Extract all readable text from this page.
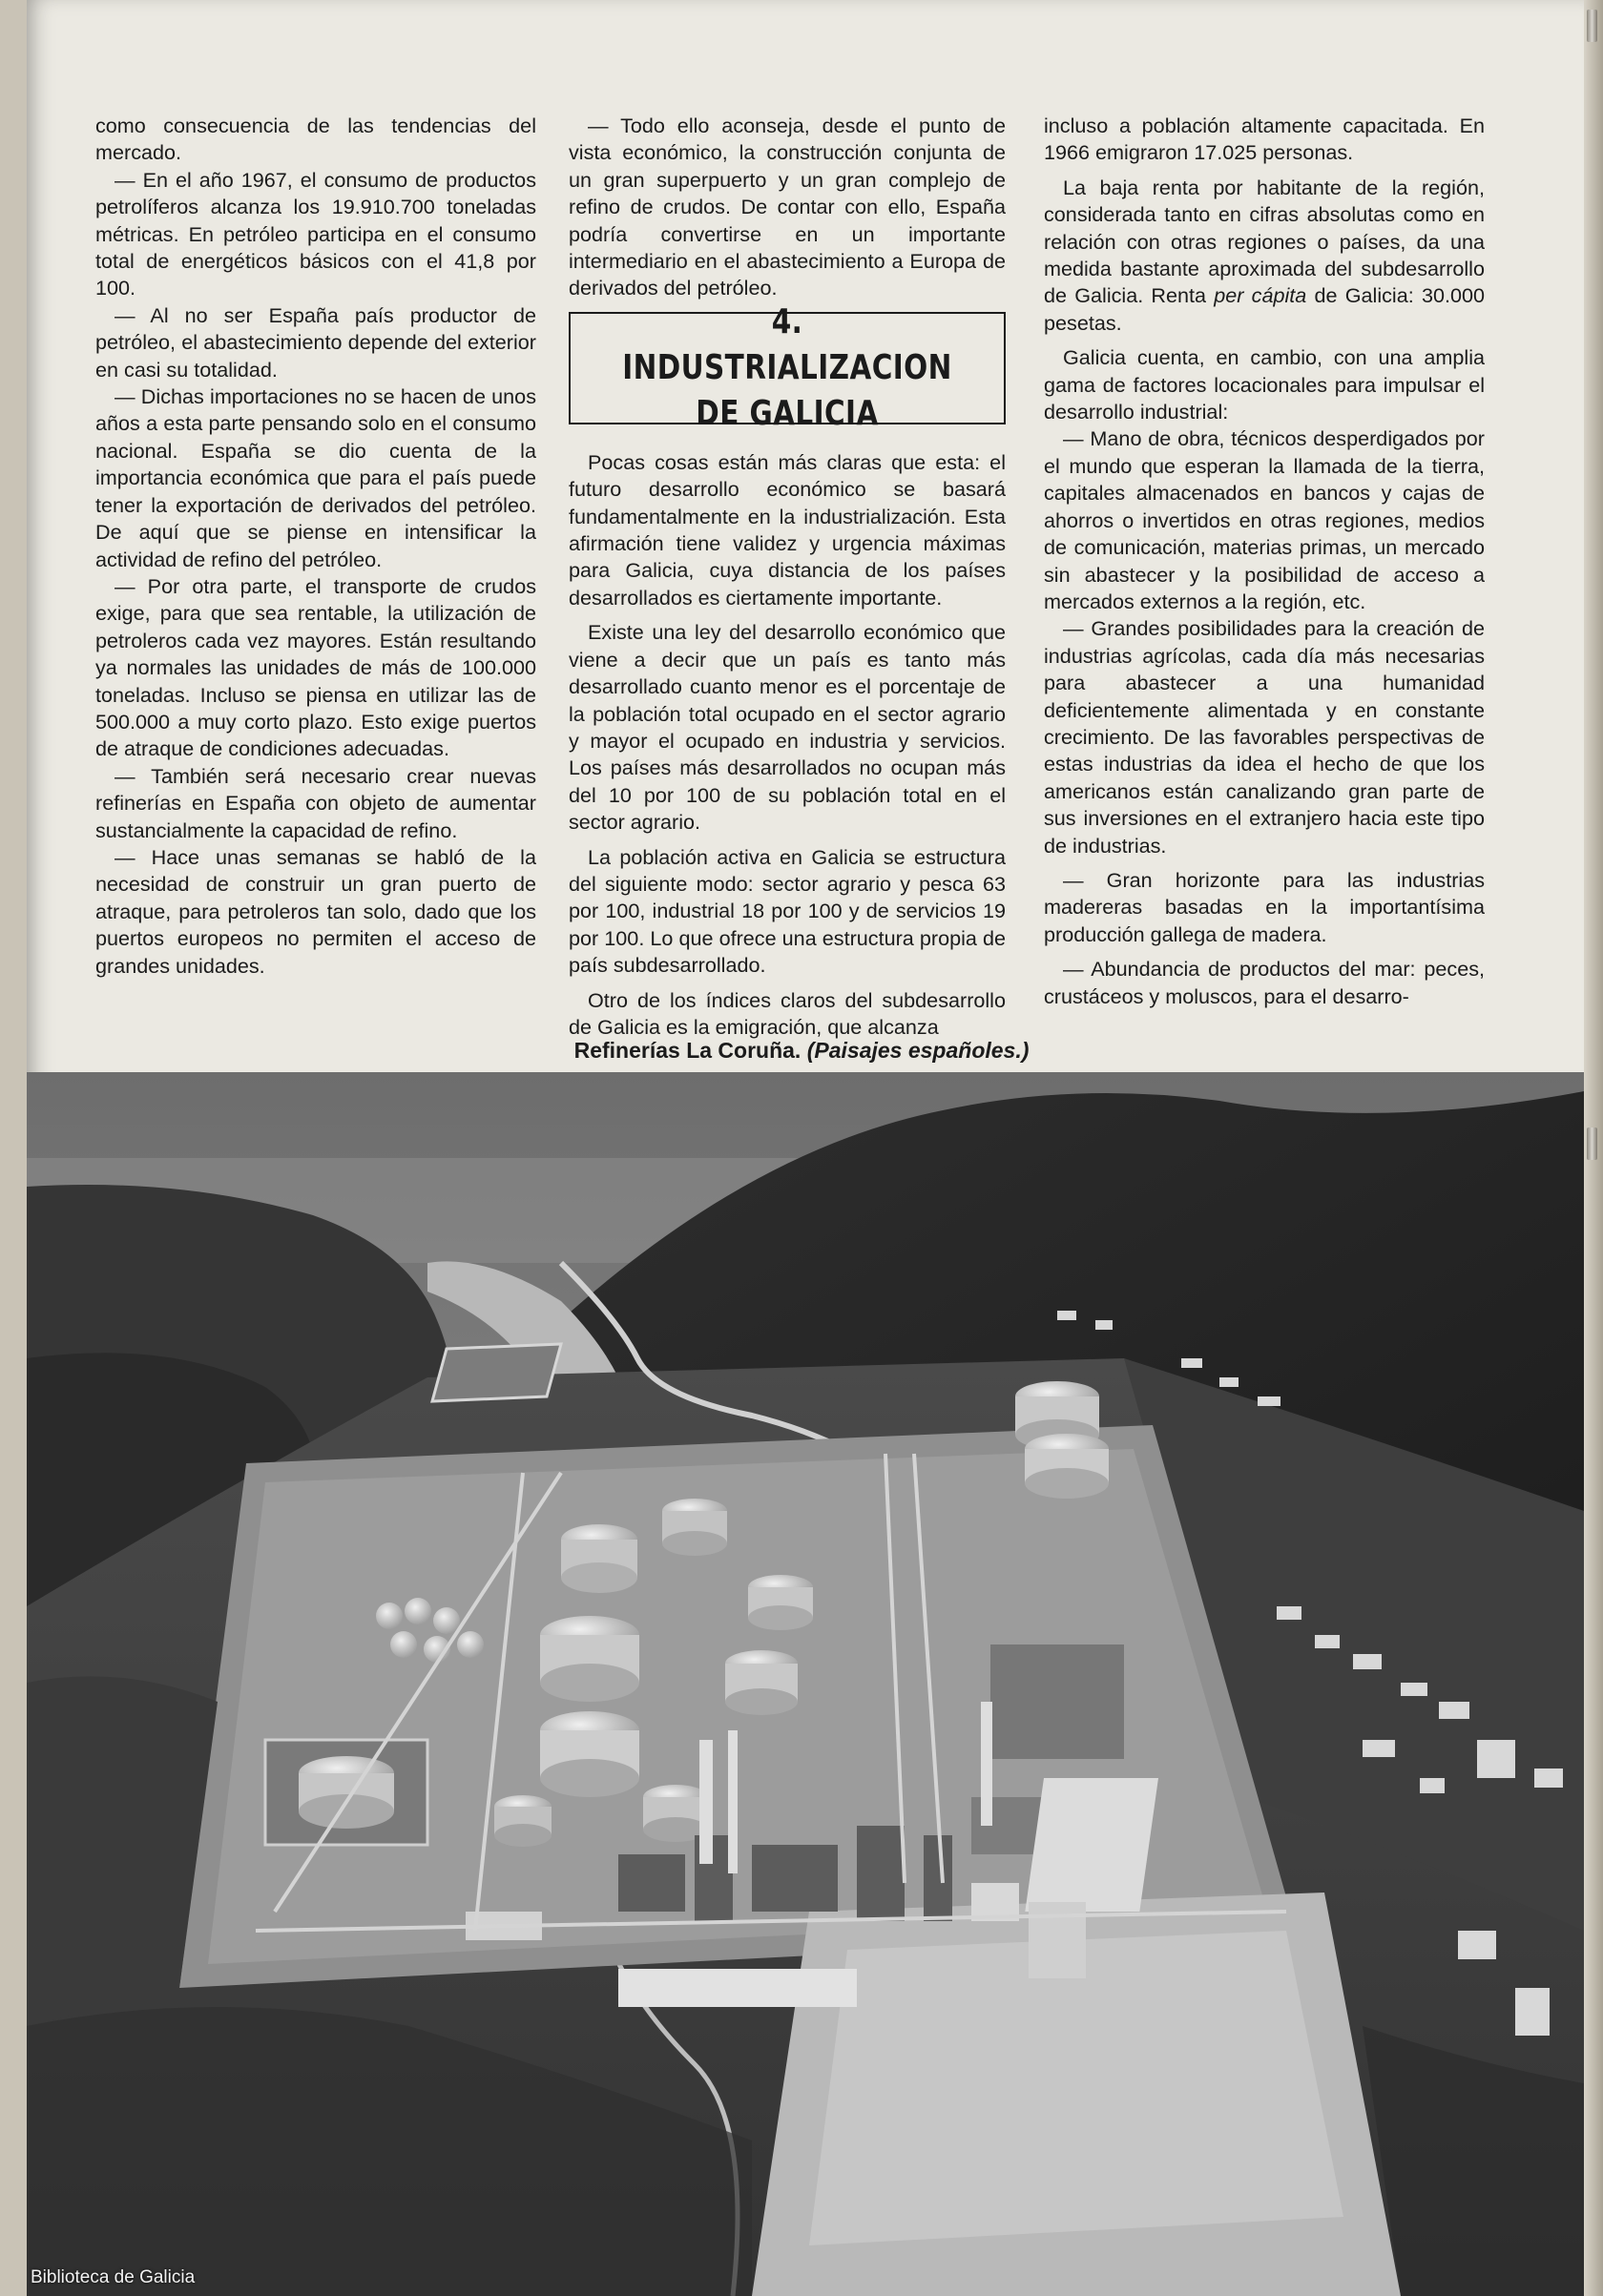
como consecuencia de las tendencias del mercado.

— En el año 1967, el consumo de productos petrolíferos alcanza los 19.910.700 toneladas métricas. En petróleo participa en el consumo total de energéticos básicos con el 41,8 por 100.

— Al no ser España país productor de petróleo, el abastecimiento depende del exterior en casi su totalidad.

— Dichas importaciones no se hacen de unos años a esta parte pensando solo en el consumo nacional. España se dio cuenta de la importancia económica que para el país puede tener la exportación de derivados del petróleo. De aquí que se piense en intensificar la actividad de refino del petróleo.

— Por otra parte, el transporte de crudos exige, para que sea rentable, la utilización de petroleros cada vez mayores. Están resultando ya normales las unidades de más de 100.000 toneladas. Incluso se piensa en utilizar las de 500.000 a muy corto plazo. Esto exige puertos de atraque de condiciones adecuadas.

— También será necesario crear nuevas refinerías en España con objeto de aumentar sustancialmente la capacidad de refino.

— Hace unas semanas se habló de la necesidad de construir un gran puerto de atraque, para petroleros tan solo, dado que los puertos europeos no permiten el acceso de grandes unidades.

— Todo ello aconseja, desde el punto de vista económico, la construcción conjunta de un gran superpuerto y un gran complejo de refino de crudos. De contar con ello, España podría convertirse en un importante intermediario en el abastecimiento a Europa de derivados del petróleo.

4. INDUSTRIALIZACION
DE GALICIA

Pocas cosas están más claras que esta: el futuro desarrollo económico se basará fundamentalmente en la industrialización. Esta afirmación tiene validez y urgencia máximas para Galicia, cuya distancia de los países desarrollados es ciertamente importante.

Existe una ley del desarrollo económico que viene a decir que un país es tanto más desarrollado cuanto menor es el porcentaje de la población total ocupado en el sector agrario y mayor el ocupado en industria y servicios. Los países más desarrollados no ocupan más del 10 por 100 de su población total en el sector agrario.

La población activa en Galicia se estructura del siguiente modo: sector agrario y pesca 63 por 100, industrial 18 por 100 y de servicios 19 por 100. Lo que ofrece una estructura propia de país subdesarrollado.

Otro de los índices claros del subdesarrollo de Galicia es la emigración, que alcanza

incluso a población altamente capacitada. En 1966 emigraron 17.025 personas.

La baja renta por habitante de la región, considerada tanto en cifras absolutas como en relación con otras regiones o países, da una medida bastante aproximada del subdesarrollo de Galicia. Renta per cápita de Galicia: 30.000 pesetas.

Galicia cuenta, en cambio, con una amplia gama de factores locacionales para impulsar el desarrollo industrial:

— Mano de obra, técnicos desperdigados por el mundo que esperan la llamada de la tierra, capitales almacenados en bancos y cajas de ahorros o invertidos en otras regiones, medios de comunicación, materias primas, un mercado sin abastecer y la posibilidad de acceso a mercados externos a la región, etc.

— Grandes posibilidades para la creación de industrias agrícolas, cada día más necesarias para abastecer a una humanidad deficientemente alimentada y en constante crecimiento. De las favorables perspectivas de estas industrias da idea el hecho de que los americanos están canalizando gran parte de sus inversiones en el extranjero hacia este tipo de industrias.

— Gran horizonte para las industrias madereras basadas en la importantísima producción gallega de madera.

— Abundancia de productos del mar: peces, crustáceos y moluscos, para el desarro-

Refinerías La Coruña. (Paisajes españoles.)
Biblioteca de Galicia
